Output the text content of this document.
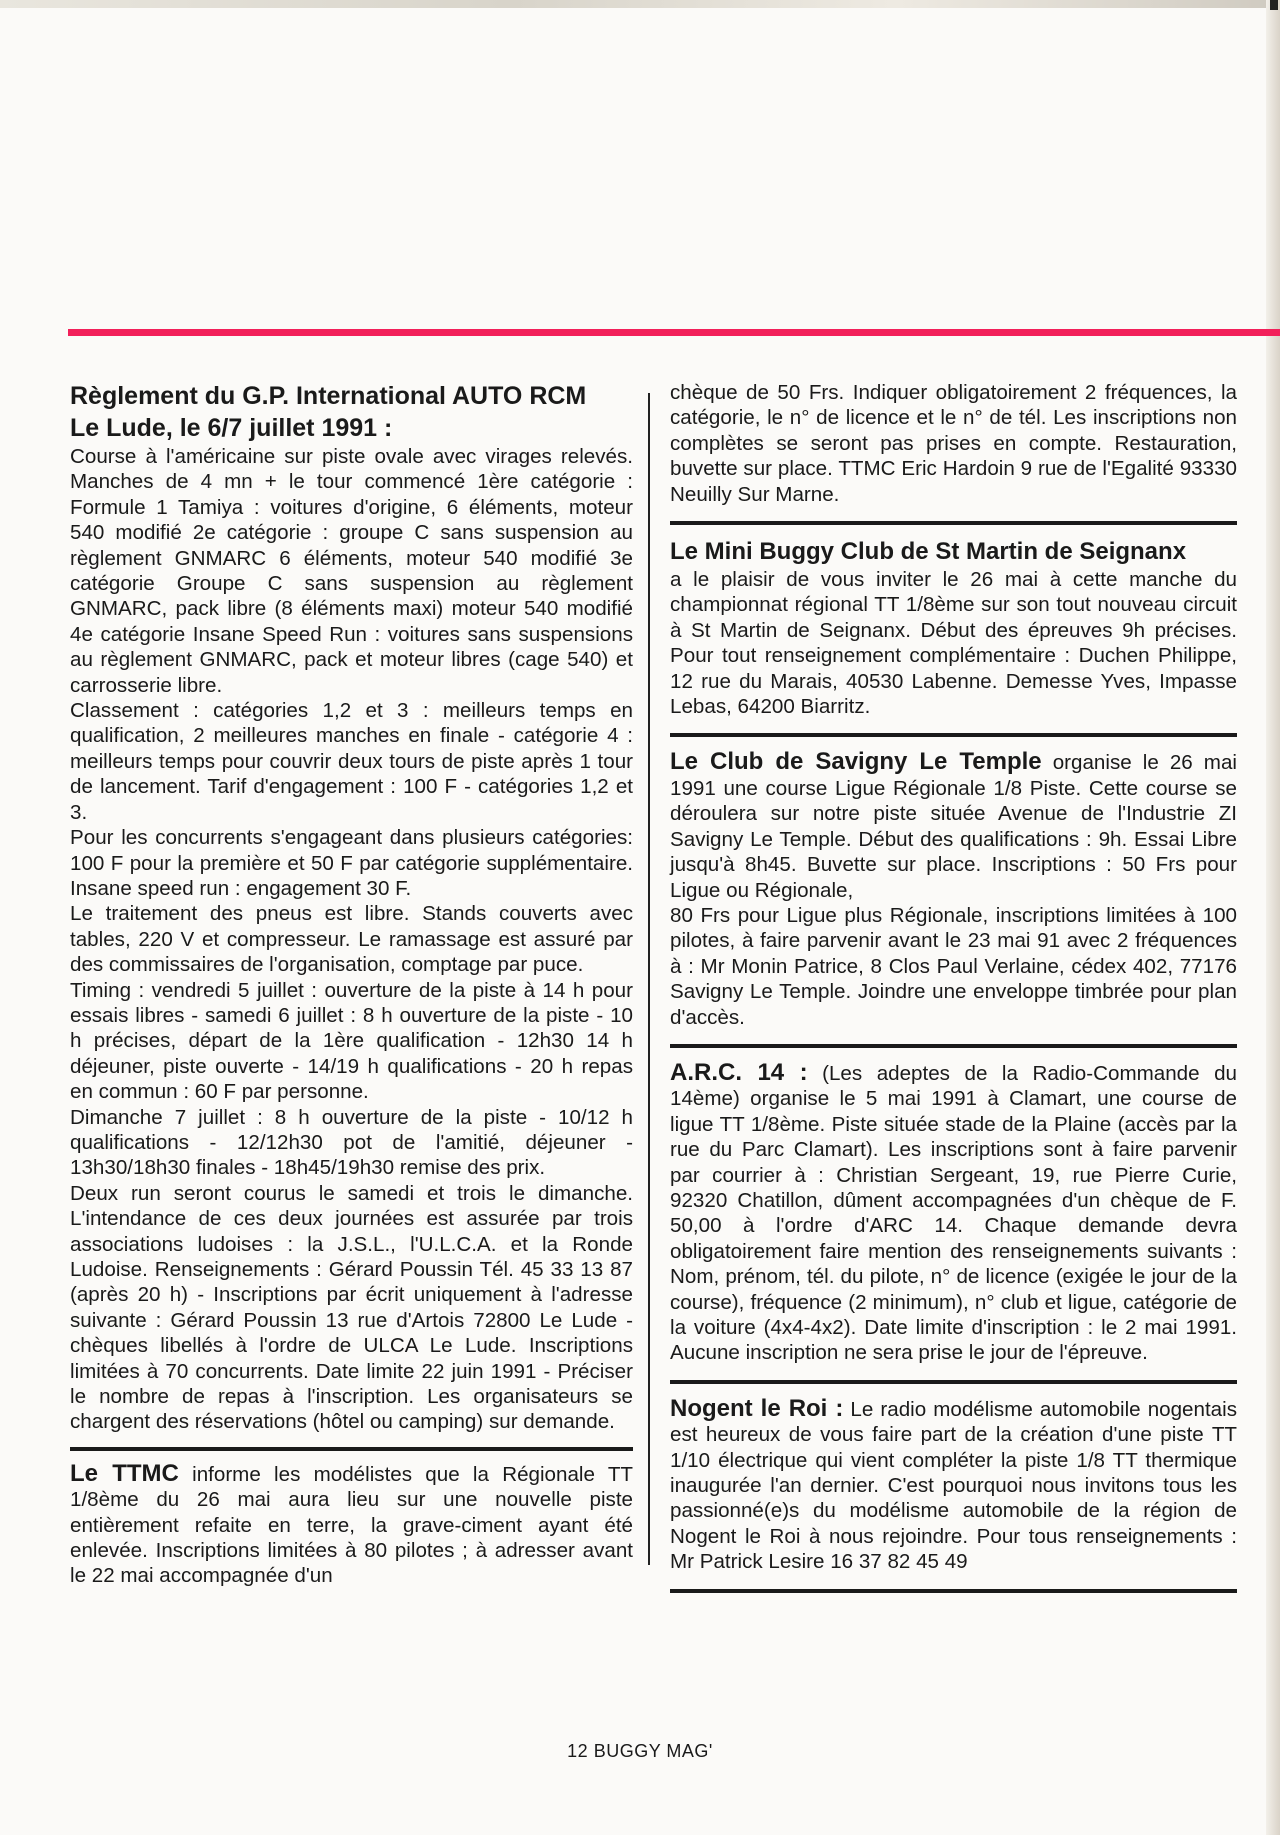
Règlement du G.P. International AUTO RCM
Le Lude, le 6/7 juillet 1991 :

Course à l'américaine sur piste ovale avec virages relevés. Manches de 4 mn + le tour commencé 1ère catégorie : Formule 1 Tamiya : voitures d'origine, 6 éléments, moteur 540 modifié 2e catégorie : groupe C sans suspension au règlement GNMARC 6 éléments, moteur 540 modifié 3e catégorie Groupe C sans suspension au règlement GNMARC, pack libre (8 éléments maxi) moteur 540 modifié 4e catégorie Insane Speed Run : voitures sans suspensions au règlement GNMARC, pack et moteur libres (cage 540) et carrosserie libre.

Classement : catégories 1,2 et 3 : meilleurs temps en qualification, 2 meilleures manches en finale - catégorie 4 : meilleurs temps pour couvrir deux tours de piste après 1 tour de lancement. Tarif d'engagement : 100 F - catégories 1,2 et 3.

Pour les concurrents s'engageant dans plusieurs catégories: 100 F pour la première et 50 F par catégorie supplémentaire. Insane speed run : engagement 30 F.

Le traitement des pneus est libre. Stands couverts avec tables, 220 V et compresseur. Le ramassage est assuré par des commissaires de l'organisation, comptage par puce.

Timing : vendredi 5 juillet : ouverture de la piste à 14 h pour essais libres - samedi 6 juillet : 8 h ouverture de la piste - 10 h précises, départ de la 1ère qualification - 12h30 14 h déjeuner, piste ouverte - 14/19 h qualifications - 20 h repas en commun : 60 F par personne.

Dimanche 7 juillet : 8 h ouverture de la piste - 10/12 h qualifications - 12/12h30 pot de l'amitié, déjeuner - 13h30/18h30 finales - 18h45/19h30 remise des prix.

Deux run seront courus le samedi et trois le dimanche. L'intendance de ces deux journées est assurée par trois associations ludoises : la J.S.L., l'U.L.C.A. et la Ronde Ludoise. Renseignements : Gérard Poussin Tél. 45 33 13 87 (après 20 h) - Inscriptions par écrit uniquement à l'adresse suivante : Gérard Poussin 13 rue d'Artois 72800 Le Lude - chèques libellés à l'ordre de ULCA Le Lude. Inscriptions limitées à 70 concurrents. Date limite 22 juin 1991 - Préciser le nombre de repas à l'inscription. Les organisateurs se chargent des réservations (hôtel ou camping) sur demande.

Le TTMC informe les modélistes que la Régionale TT 1/8ème du 26 mai aura lieu sur une nouvelle piste entièrement refaite en terre, la grave-ciment ayant été enlevée. Inscriptions limitées à 80 pilotes ; à adresser avant le 22 mai accompagnée d'un

chèque de 50 Frs. Indiquer obligatoirement 2 fréquences, la catégorie, le n° de licence et le n° de tél. Les inscriptions non complètes se seront pas prises en compte. Restauration, buvette sur place. TTMC Eric Hardoin 9 rue de l'Egalité 93330 Neuilly Sur Marne.

Le Mini Buggy Club de St Martin de Seignanx

a le plaisir de vous inviter le 26 mai à cette manche du championnat régional TT 1/8ème sur son tout nouveau circuit à St Martin de Seignanx. Début des épreuves 9h précises. Pour tout renseignement complémentaire : Duchen Philippe, 12 rue du Marais, 40530 Labenne. Demesse Yves, Impasse Lebas, 64200 Biarritz.

Le Club de Savigny Le Temple organise le 26 mai 1991 une course Ligue Régionale 1/8 Piste. Cette course se déroulera sur notre piste située Avenue de l'Industrie ZI Savigny Le Temple. Début des qualifications : 9h. Essai Libre jusqu'à 8h45. Buvette sur place. Inscriptions : 50 Frs pour Ligue ou Régionale,

80 Frs pour Ligue plus Régionale, inscriptions limitées à 100 pilotes, à faire parvenir avant le 23 mai 91 avec 2 fréquences à : Mr Monin Patrice, 8 Clos Paul Verlaine, cédex 402, 77176 Savigny Le Temple. Joindre une enveloppe timbrée pour plan d'accès.

A.R.C. 14 : (Les adeptes de la Radio-Commande du 14ème) organise le 5 mai 1991 à Clamart, une course de ligue TT 1/8ème. Piste située stade de la Plaine (accès par la rue du Parc Clamart). Les inscriptions sont à faire parvenir par courrier à : Christian Sergeant, 19, rue Pierre Curie, 92320 Chatillon, dûment accompagnées d'un chèque de F. 50,00 à l'ordre d'ARC 14. Chaque demande devra obligatoirement faire mention des renseignements suivants : Nom, prénom, tél. du pilote, n° de licence (exigée le jour de la course), fréquence (2 minimum), n° club et ligue, catégorie de la voiture (4x4-4x2). Date limite d'inscription : le 2 mai 1991. Aucune inscription ne sera prise le jour de l'épreuve.

Nogent le Roi : Le radio modélisme automobile nogentais est heureux de vous faire part de la création d'une piste TT 1/10 électrique qui vient compléter la piste 1/8 TT thermique inaugurée l'an dernier. C'est pourquoi nous invitons tous les passionné(e)s du modélisme automobile de la région de Nogent le Roi à nous rejoindre. Pour tous renseignements : Mr Patrick Lesire 16 37 82 45 49

12 BUGGY MAG'
